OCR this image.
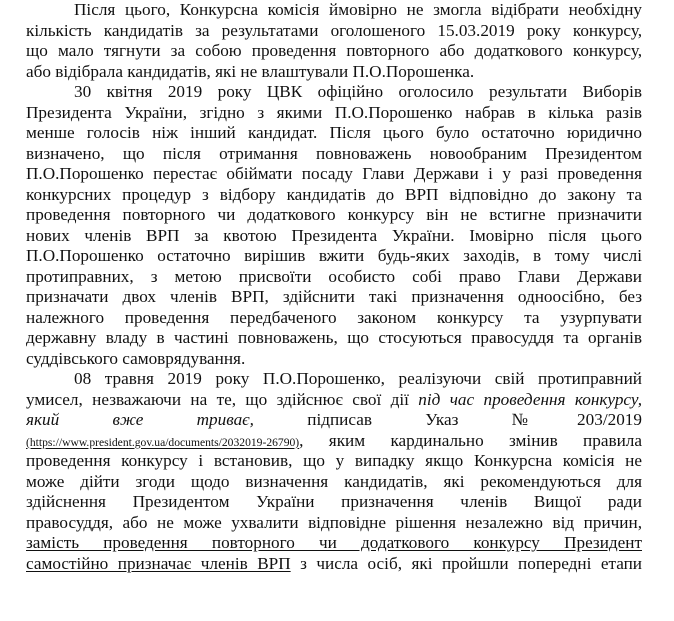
Після цього, Конкурсна комісія ймовірно не змогла відібрати необхідну
кількість кандидатів за результатами оголошеного 15.03.2019 року конкурсу,
що мало тягнути за собою проведення повторного або додаткового конкурсу,
або відібрала кандидатів, які не влаштували П.О.Порошенка.
30 квітня 2019 року ЦВК офіційно оголосило результати Виборів
Президента України, згідно з якими П.О.Порошенко набрав в кілька разів
менше голосів ніж інший кандидат. Після цього було остаточно юридично
визначено, що після отримання повноважень новообраним Президентом
П.О.Порошенко перестає обіймати посаду Глави Держави і у разі проведення
конкурсних процедур з відбору кандидатів до ВРП відповідно до закону та
проведення повторного чи додаткового конкурсу він не встигне призначити
нових членів ВРП за квотою Президента України. Імовірно після цього
П.О.Порошенко остаточно вирішив вжити будь-яких заходів, в тому числі
протиправних, з метою присвоїти особисто собі право Глави Держави
призначати двох членів ВРП, здійснити такі призначення одноосібно, без
належного проведення передбаченого законом конкурсу та узурпувати
державну владу в частині повноважень, що стосуються правосуддя та органів
суддівського самоврядування.
08 травня 2019 року П.О.Порошенко, реалізуючи свій протиправний
умисел, незважаючи на те, що здійснює свої дії під час проведення конкурсу,
який вже триває, підписав Указ №203/2019
(https://www.president.gov.ua/documents/2032019-26790), яким кардинально змінив правила
проведення конкурсу і встановив, що у випадку якщо Конкурсна комісія не
може дійти згоди щодо визначення кандидатів, які рекомендуються для
здійснення Президентом України призначення членів Вищої ради
правосуддя, або не може ухвалити відповідне рішення незалежно від причин,
замість проведення повторного чи додаткового конкурсу Президент
самостійно призначає членів ВРП з числа осіб, які пройшли попередні етапи
